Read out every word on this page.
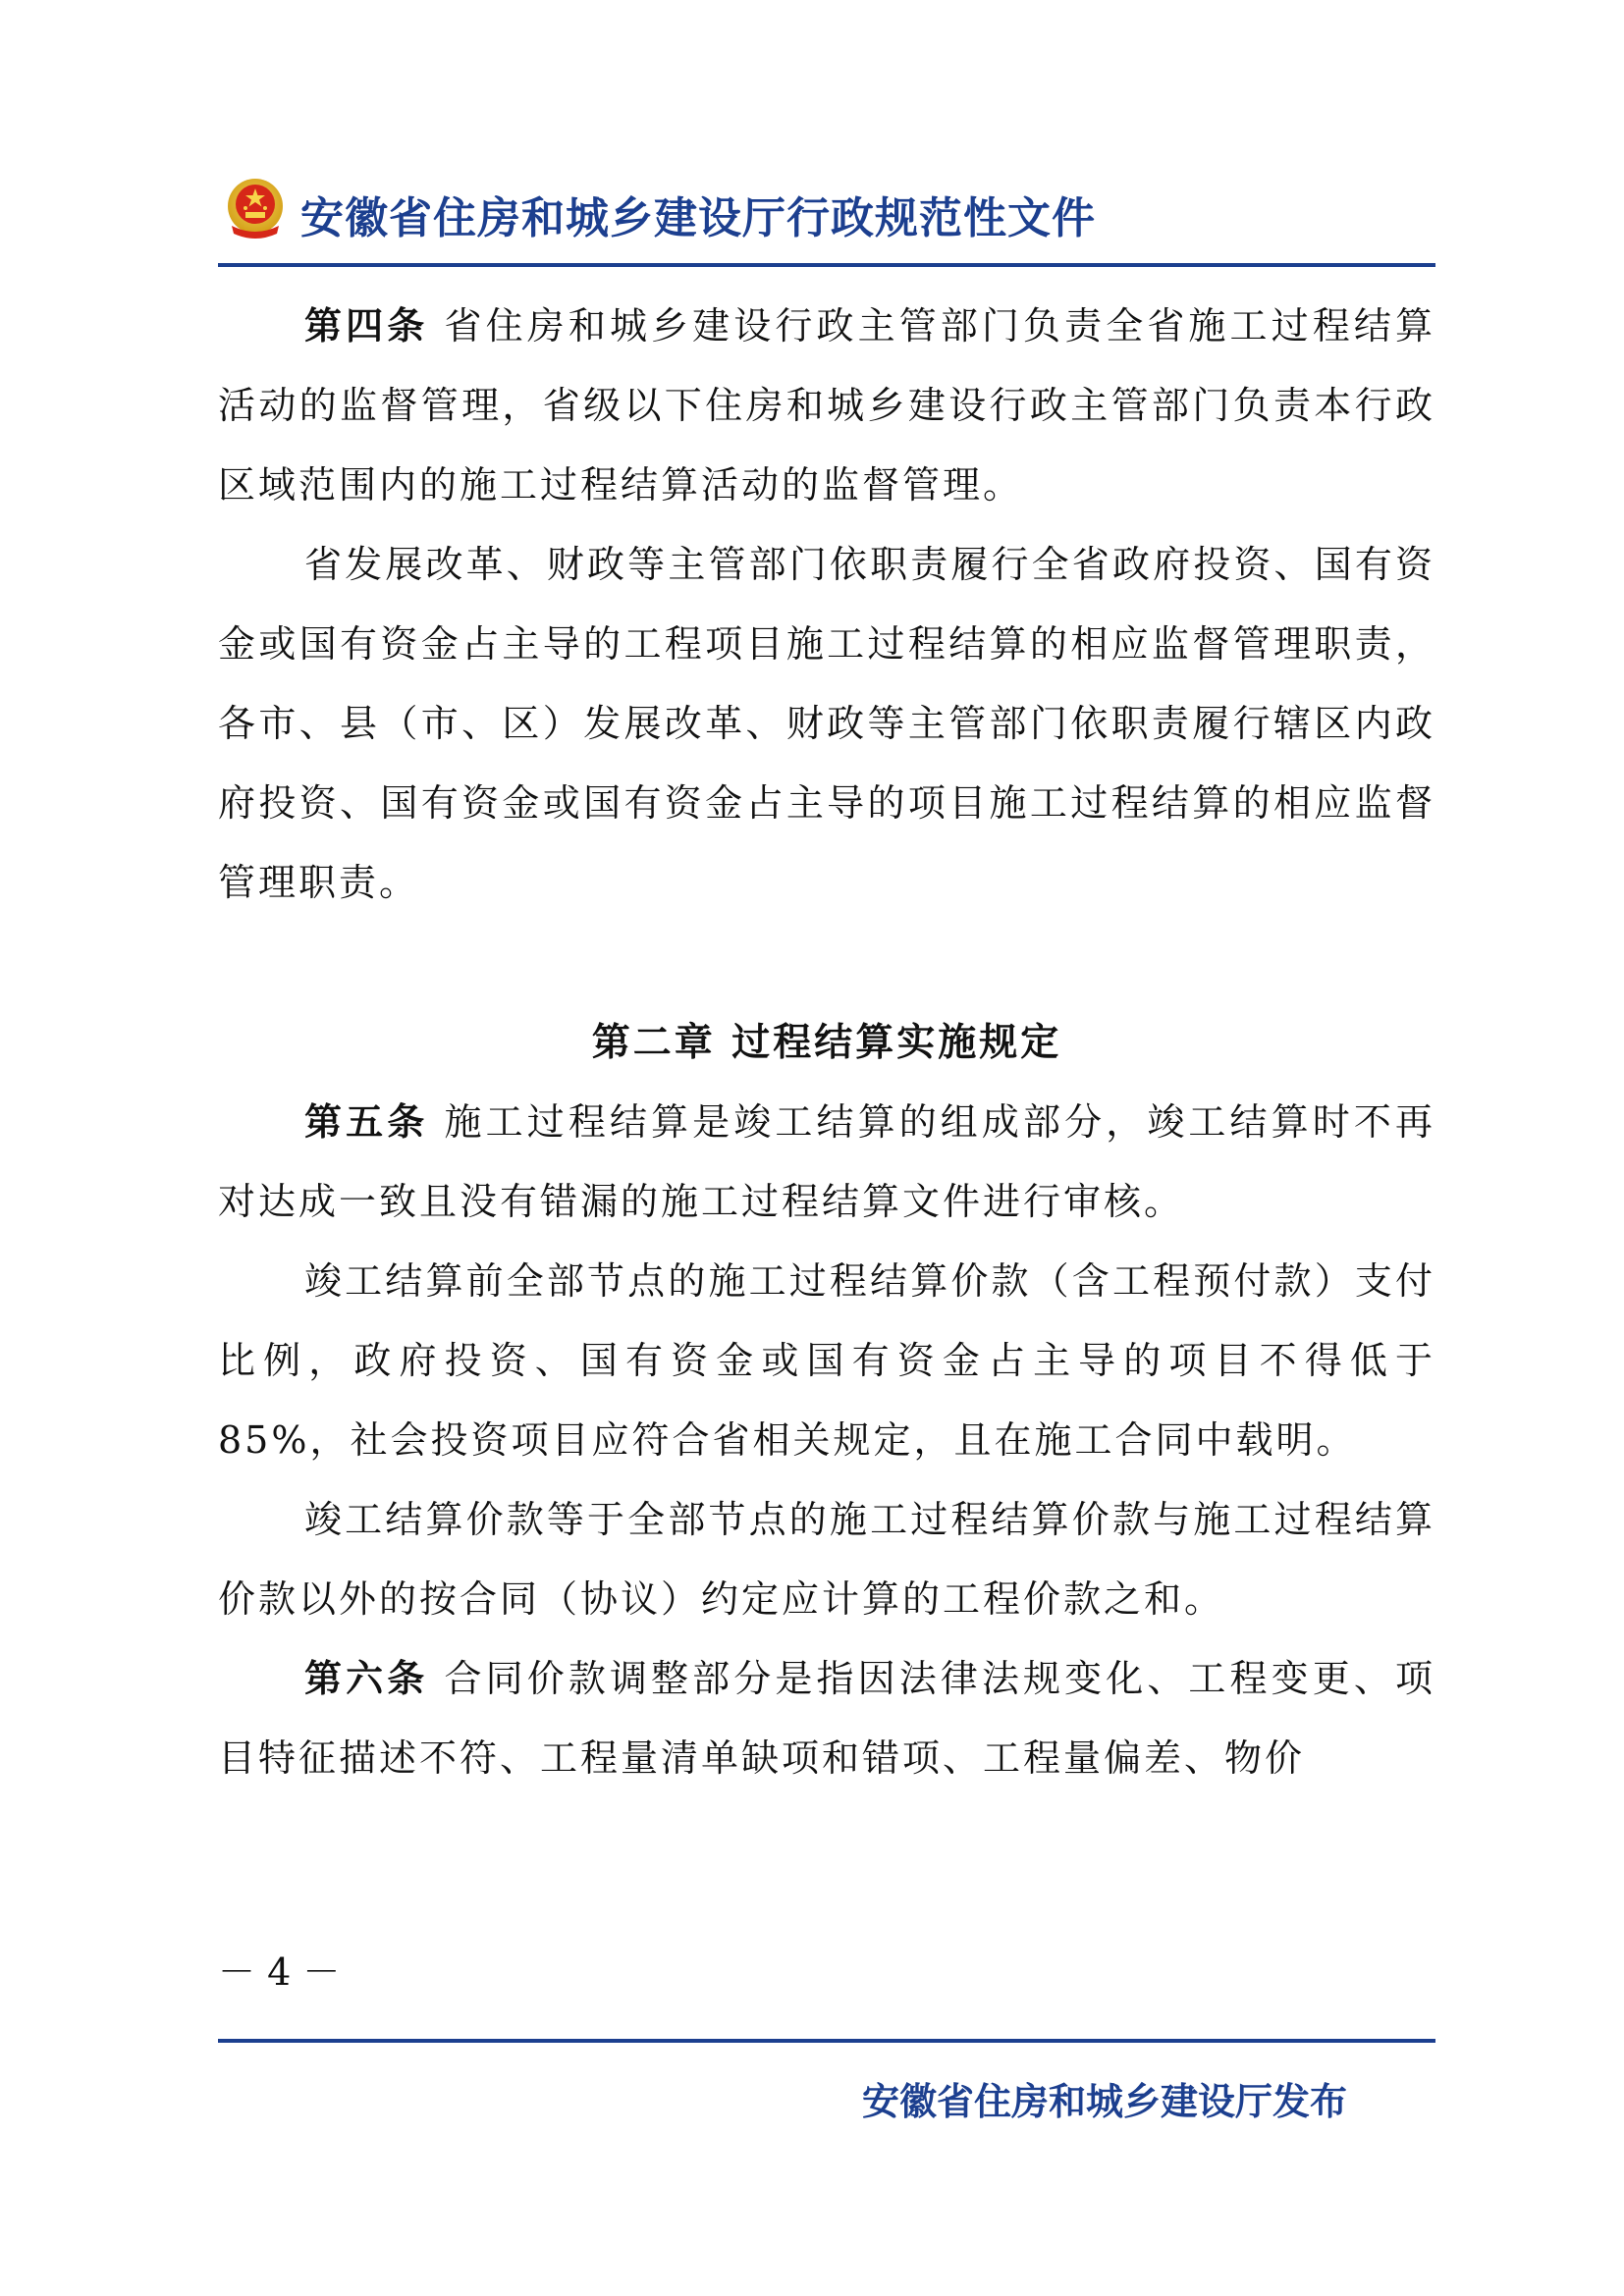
安徽省住房和城乡建设厅行政规范性文件

第四条 省住房和城乡建设行政主管部门负责全省施工过程结算活动的监督管理，省级以下住房和城乡建设行政主管部门负责本行政区域范围内的施工过程结算活动的监督管理。

省发展改革、财政等主管部门依职责履行全省政府投资、国有资金或国有资金占主导的工程项目施工过程结算的相应监督管理职责，各市、县（市、区）发展改革、财政等主管部门依职责履行辖区内政府投资、国有资金或国有资金占主导的项目施工过程结算的相应监督管理职责。

第二章 过程结算实施规定

第五条 施工过程结算是竣工结算的组成部分，竣工结算时不再对达成一致且没有错漏的施工过程结算文件进行审核。

竣工结算前全部节点的施工过程结算价款（含工程预付款）支付比例，政府投资、国有资金或国有资金占主导的项目不得低于 85%，社会投资项目应符合省相关规定，且在施工合同中载明。

竣工结算价款等于全部节点的施工过程结算价款与施工过程结算价款以外的按合同（协议）约定应计算的工程价款之和。

第六条 合同价款调整部分是指因法律法规变化、工程变更、项目特征描述不符、工程量清单缺项和错项、工程量偏差、物价

－ 4 －
安徽省住房和城乡建设厅发布
